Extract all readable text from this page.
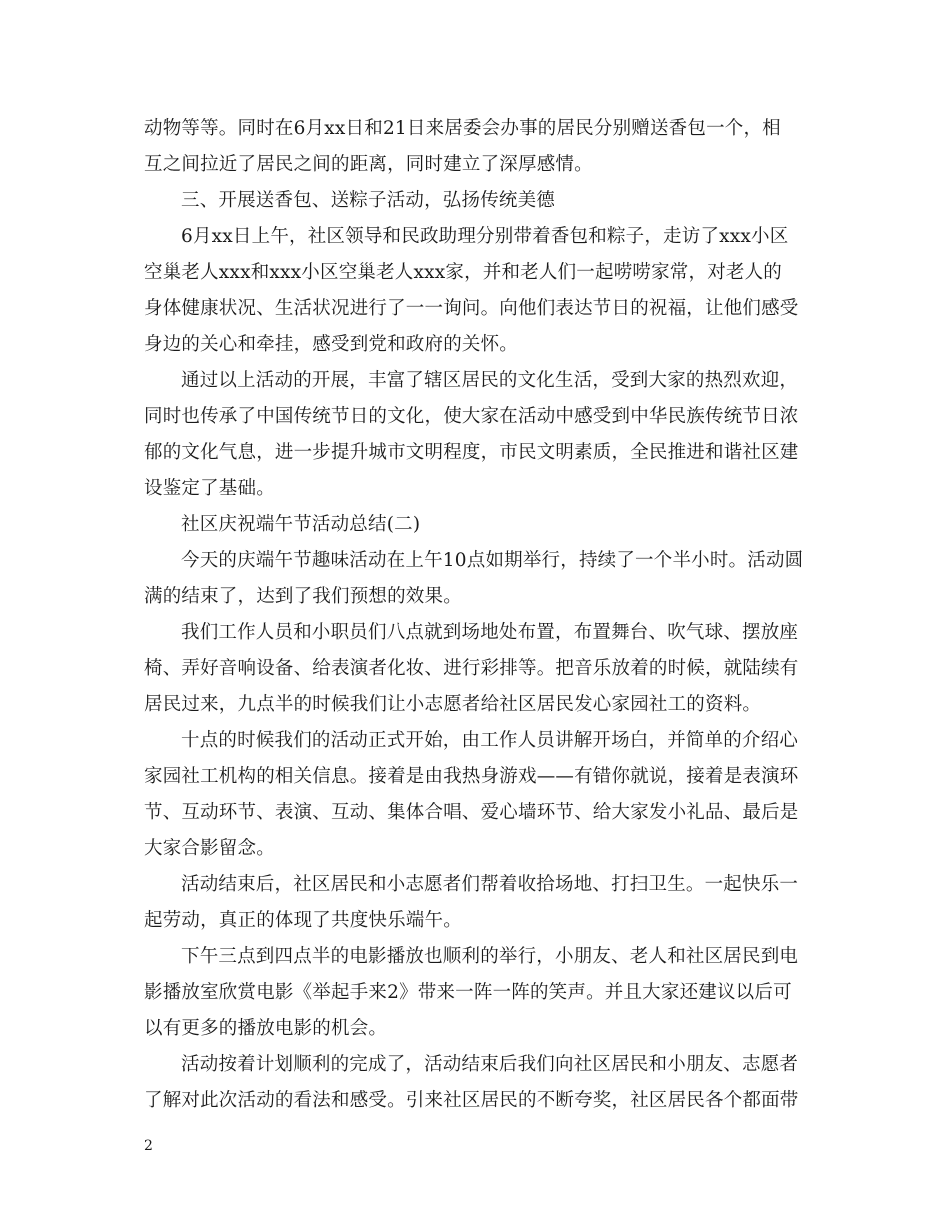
动物等等。同时在6月xx日和21日来居委会办事的居民分别赠送香包一个，相
互之间拉近了居民之间的距离，同时建立了深厚感情。
三、开展送香包、送粽子活动，弘扬传统美德
6月xx日上午，社区领导和民政助理分别带着香包和粽子，走访了xxx小区
空巢老人xxx和xxx小区空巢老人xxx家，并和老人们一起唠唠家常，对老人的
身体健康状况、生活状况进行了一一询问。向他们表达节日的祝福，让他们感受
身边的关心和牵挂，感受到党和政府的关怀。
通过以上活动的开展，丰富了辖区居民的文化生活，受到大家的热烈欢迎，
同时也传承了中国传统节日的文化，使大家在活动中感受到中华民族传统节日浓
郁的文化气息，进一步提升城市文明程度，市民文明素质，全民推进和谐社区建
设鉴定了基础。
社区庆祝端午节活动总结(二)
今天的庆端午节趣味活动在上午10点如期举行，持续了一个半小时。活动圆
满的结束了，达到了我们预想的效果。
我们工作人员和小职员们八点就到场地处布置，布置舞台、吹气球、摆放座
椅、弄好音响设备、给表演者化妆、进行彩排等。把音乐放着的时候，就陆续有
居民过来，九点半的时候我们让小志愿者给社区居民发心家园社工的资料。
十点的时候我们的活动正式开始，由工作人员讲解开场白，并简单的介绍心
家园社工机构的相关信息。接着是由我热身游戏——有错你就说，接着是表演环
节、互动环节、表演、互动、集体合唱、爱心墙环节、给大家发小礼品、最后是
大家合影留念。
活动结束后，社区居民和小志愿者们帮着收拾场地、打扫卫生。一起快乐一
起劳动，真正的体现了共度快乐端午。
下午三点到四点半的电影播放也顺利的举行，小朋友、老人和社区居民到电
影播放室欣赏电影《举起手来2》带来一阵一阵的笑声。并且大家还建议以后可
以有更多的播放电影的机会。
活动按着计划顺利的完成了，活动结束后我们向社区居民和小朋友、志愿者
了解对此次活动的看法和感受。引来社区居民的不断夸奖，社区居民各个都面带
2
